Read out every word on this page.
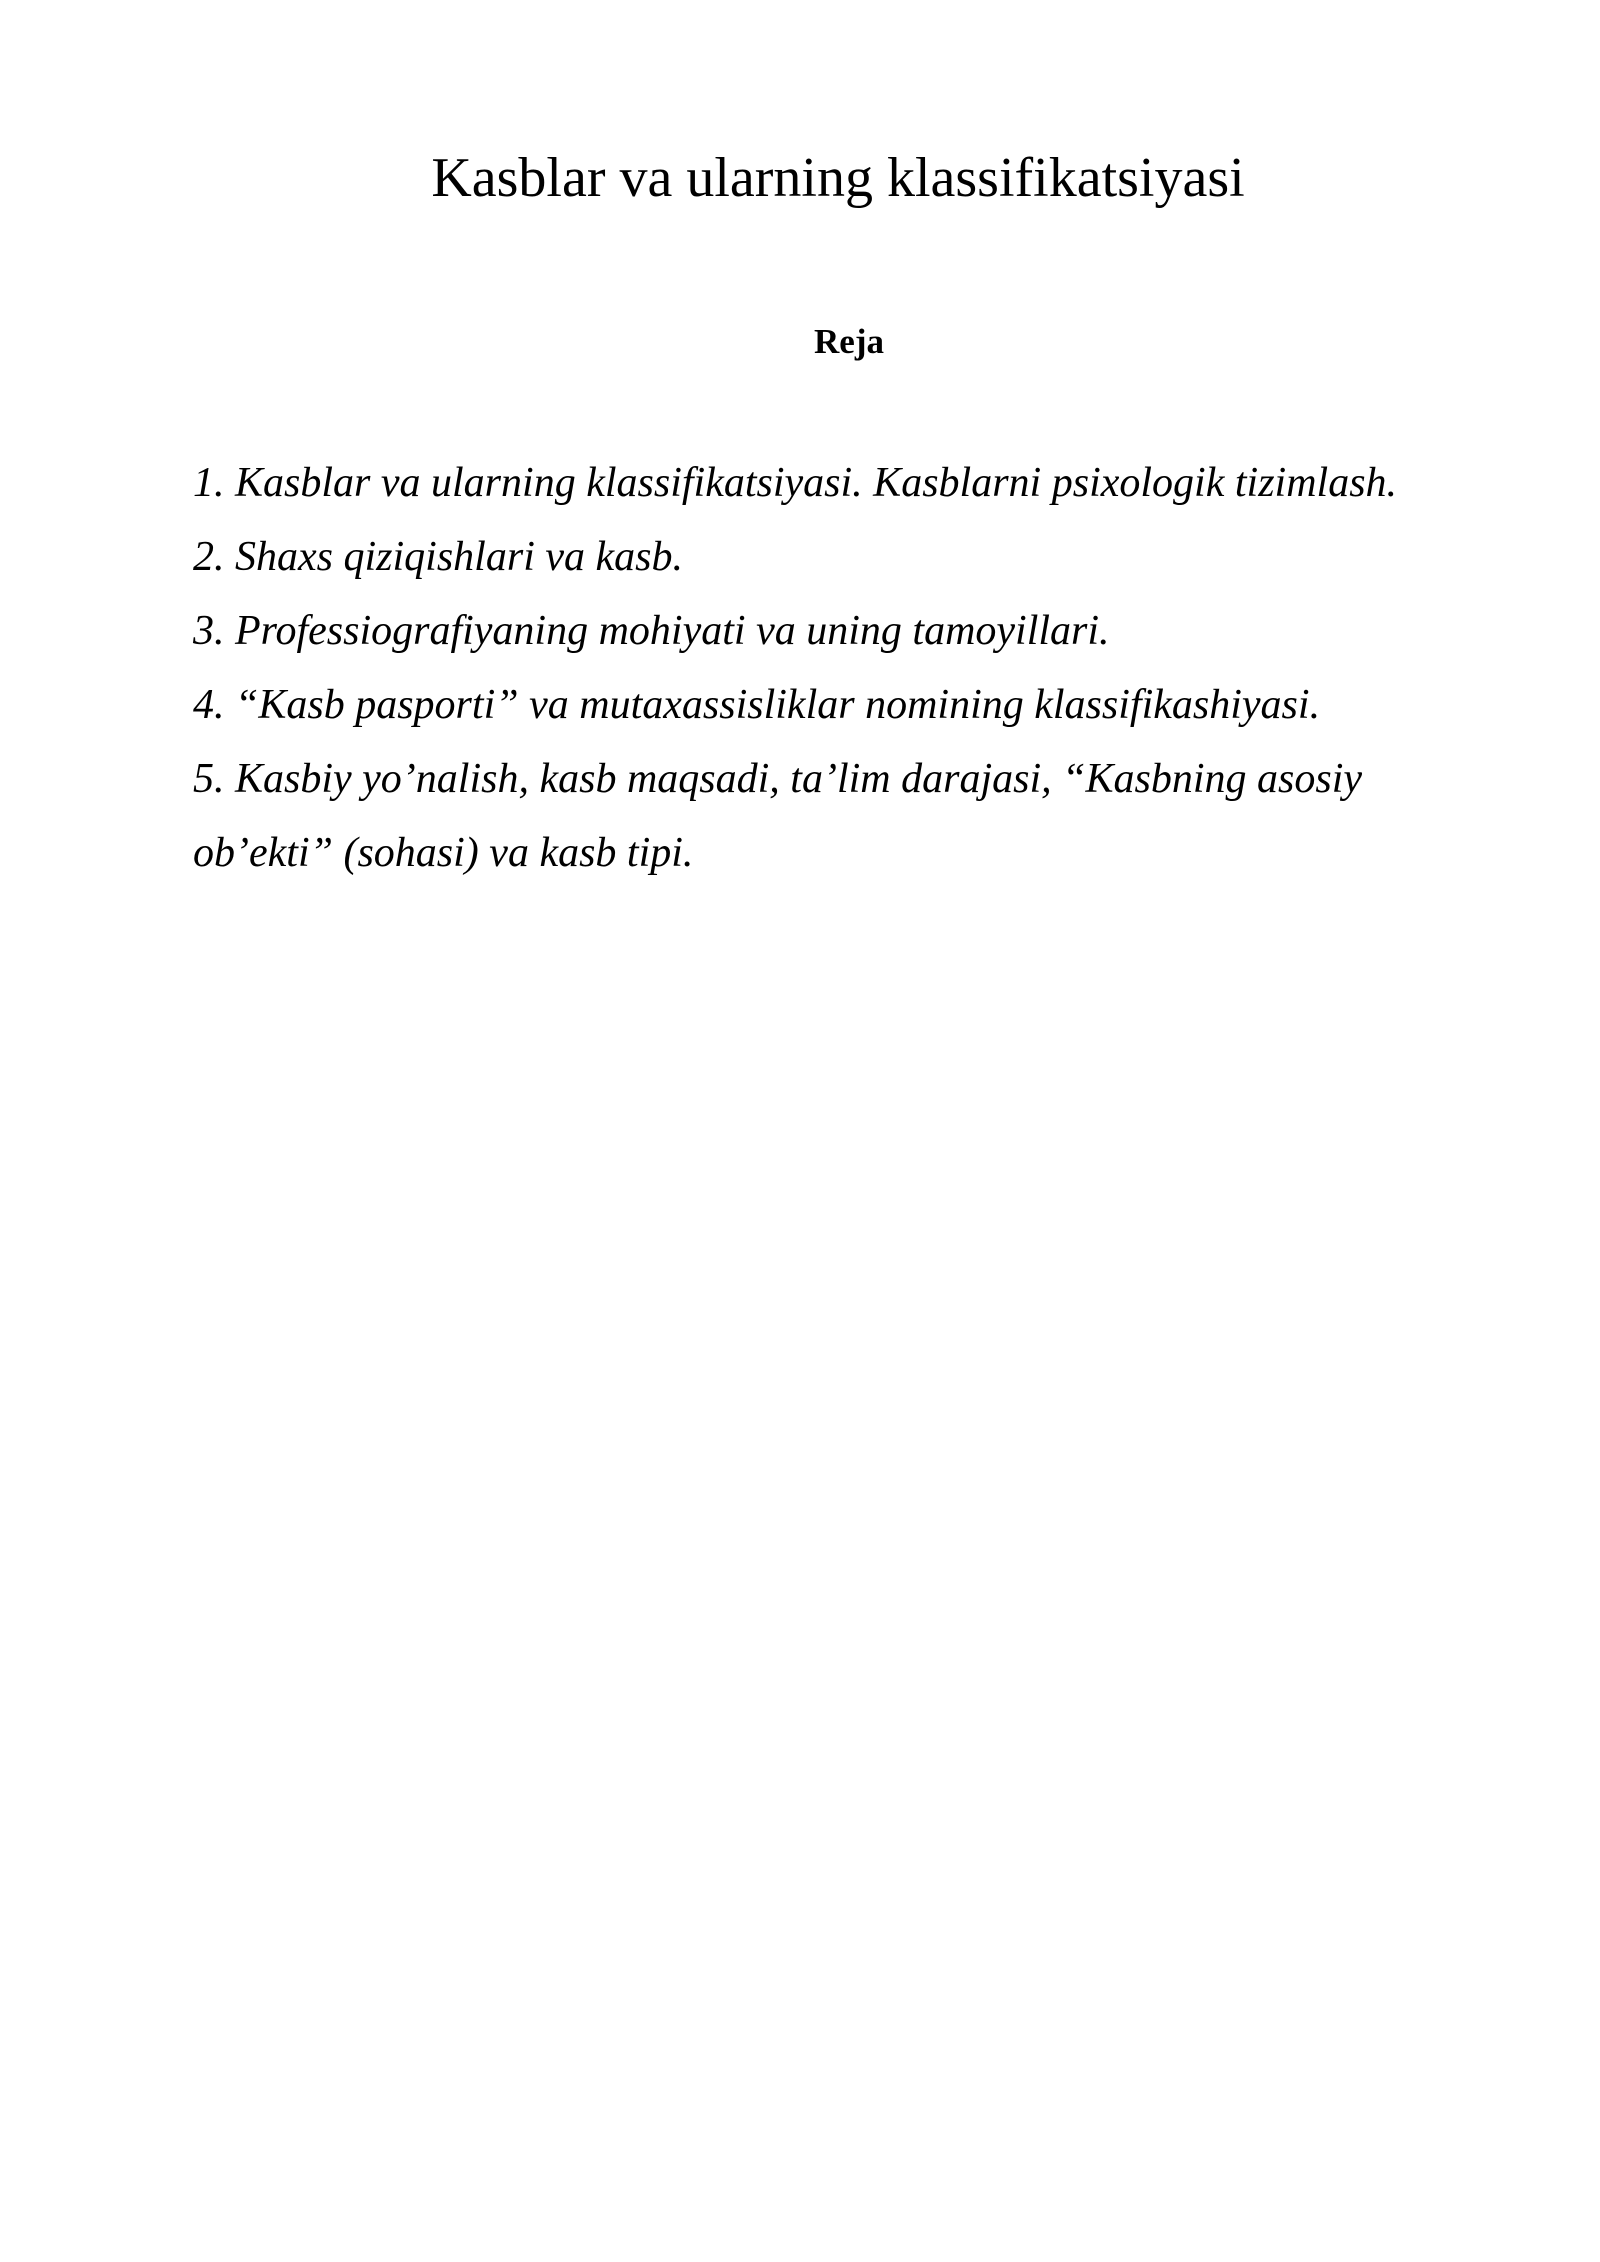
Kasblar va ularning klassifikatsiyasi
Reja
1. Kasblar va ularning klassifikatsiyasi. Kasblarni psixologik tizimlash.
2. Shaxs qiziqishlari va kasb.
3. Professiografiyaning mohiyati va uning tamoyillari.
4. “Kasb pasporti” va mutaxassisliklar nomining klassifikashiyasi.
5. Kasbiy yo’nalish, kasb maqsadi, ta’lim darajasi, “Kasbning asosiy ob’ekti” (sohasi) va kasb tipi.
